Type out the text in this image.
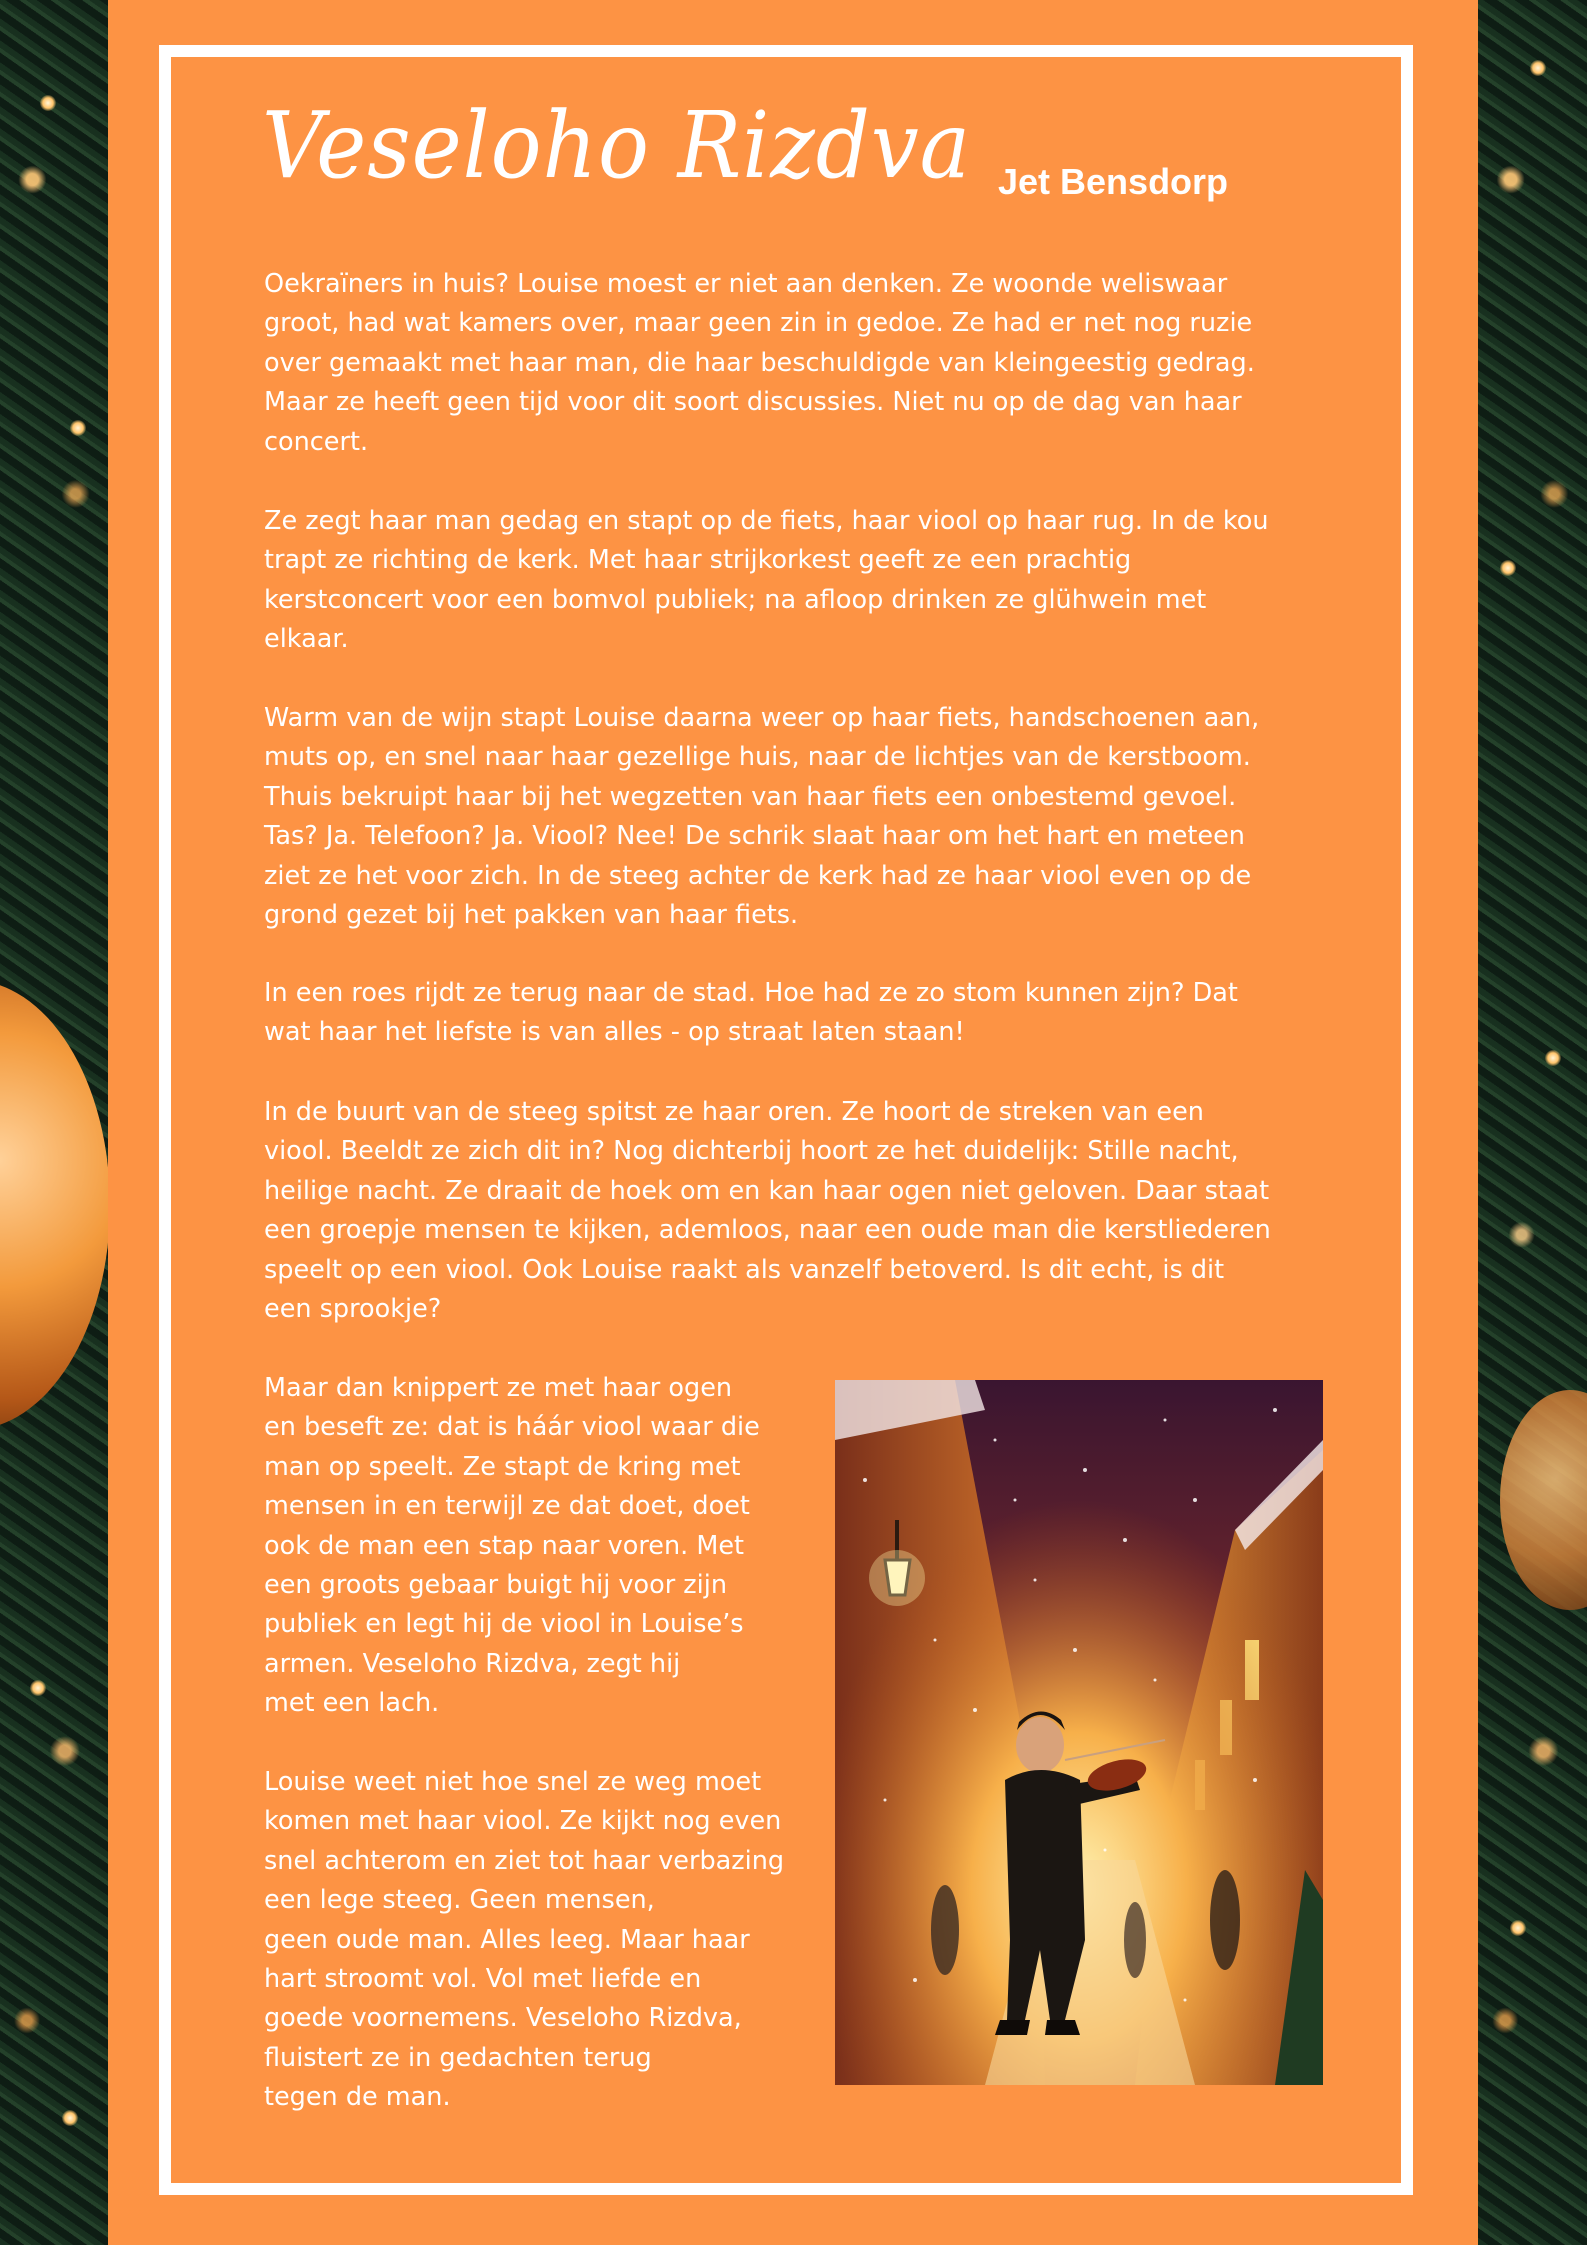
Veseloho Rizdva Jet Bensdorp
Oekraïners in huis? Louise moest er niet aan denken. Ze woonde weliswaar
groot, had wat kamers over, maar geen zin in gedoe. Ze had er net nog ruzie
over gemaakt met haar man, die haar beschuldigde van kleingeestig gedrag.
Maar ze heeft geen tijd voor dit soort discussies. Niet nu op de dag van haar
concert.
Ze zegt haar man gedag en stapt op de fiets, haar viool op haar rug. In de kou
trapt ze richting de kerk. Met haar strijkorkest geeft ze een prachtig
kerstconcert voor een bomvol publiek; na afloop drinken ze glühwein met
elkaar.
Warm van de wijn stapt Louise daarna weer op haar fiets, handschoenen aan,
muts op, en snel naar haar gezellige huis, naar de lichtjes van de kerstboom.
Thuis bekruipt haar bij het wegzetten van haar fiets een onbestemd gevoel.
Tas? Ja. Telefoon? Ja. Viool? Nee! De schrik slaat haar om het hart en meteen
ziet ze het voor zich. In de steeg achter de kerk had ze haar viool even op de
grond gezet bij het pakken van haar fiets.
In een roes rijdt ze terug naar de stad. Hoe had ze zo stom kunnen zijn? Dat
wat haar het liefste is van alles - op straat laten staan!
In de buurt van de steeg spitst ze haar oren. Ze hoort de streken van een
viool. Beeldt ze zich dit in? Nog dichterbij hoort ze het duidelijk: Stille nacht,
heilige nacht. Ze draait de hoek om en kan haar ogen niet geloven. Daar staat
een groepje mensen te kijken, ademloos, naar een oude man die kerstliederen
speelt op een viool. Ook Louise raakt als vanzelf betoverd. Is dit echt, is dit
een sprookje?
Maar dan knippert ze met haar ogen
en beseft ze: dat is háár viool waar die
man op speelt. Ze stapt de kring met
mensen in en terwijl ze dat doet, doet
ook de man een stap naar voren. Met
een groots gebaar buigt hij voor zijn
publiek en legt hij de viool in Louise’s
armen. Veseloho Rizdva, zegt hij
met een lach.
Louise weet niet hoe snel ze weg moet
komen met haar viool. Ze kijkt nog even
snel achterom en ziet tot haar verbazing
een lege steeg. Geen mensen,
geen oude man. Alles leeg. Maar haar
hart stroomt vol. Vol met liefde en
goede voornemens. Veseloho Rizdva,
fluistert ze in gedachten terug
tegen de man.
